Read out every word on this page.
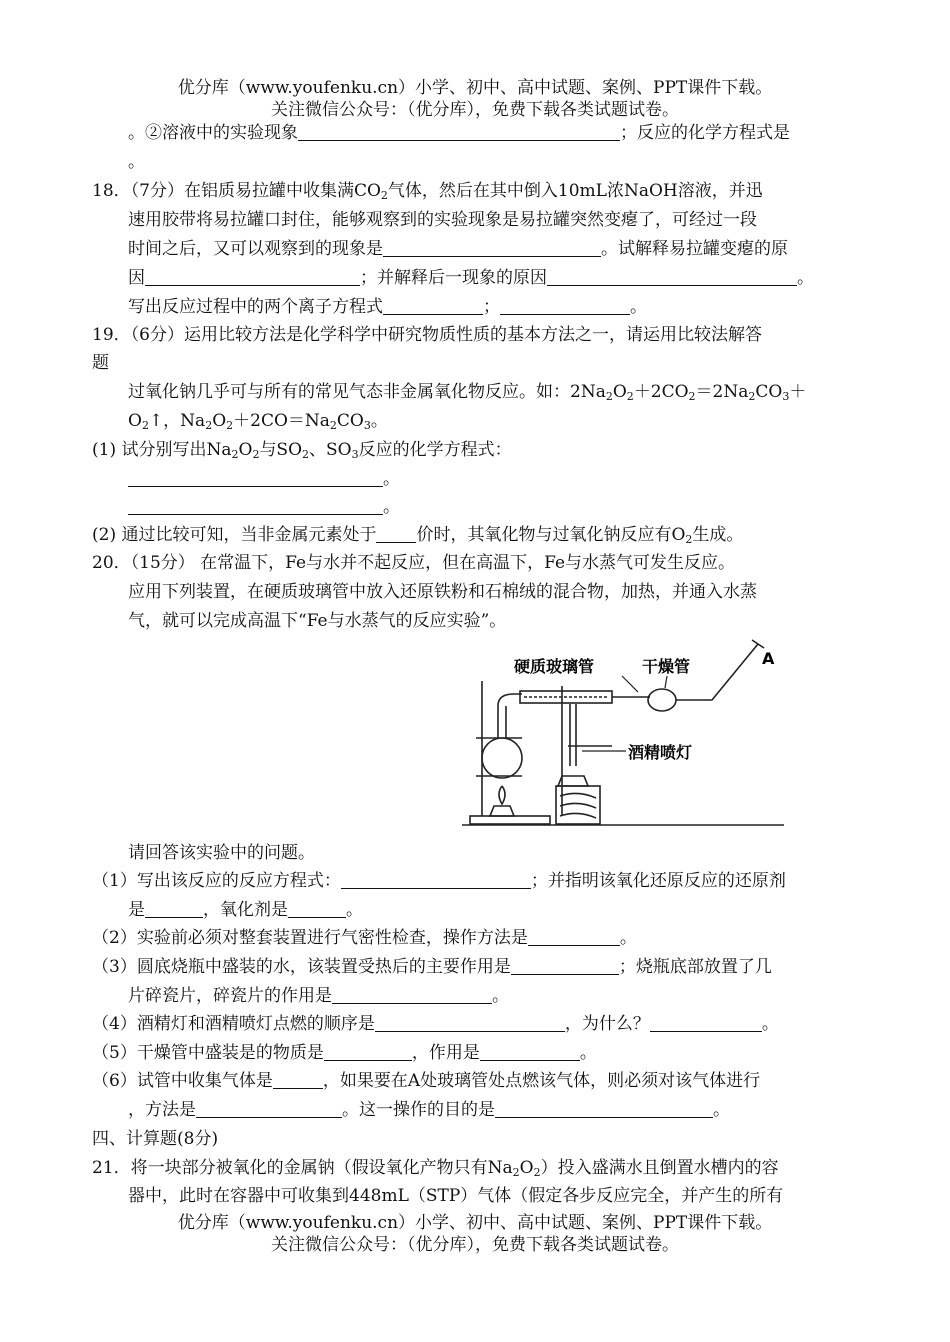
优分库（www.youfenku.cn）小学、初中、高中试题、案例、PPT课件下载。
关注微信公众号：（优分库），免费下载各类试题试卷。
。②溶液中的实验现象	；反应的化学方程式是
。
18．（7分）在铝质易拉罐中收集满$CO_2$气体，然后在其中倒入10mL浓NaOH溶液，并迅
速用胶带将易拉罐口封住，能够观察到的实验现象是易拉罐突然变瘪了，可经过一段
时间之后，又可以观察到的现象是	。试解释易拉罐变瘪的原
因	；并解释后一现象的原因	。
写出反应过程中的两个离子方程式	；	。
19．（6分）运用比较方法是化学科学中研究物质性质的基本方法之一，请运用比较法解答
题
过氧化钠几乎可与所有的常见气态非金属氧化物反应。如：$2Na_2O_2+2CO_2=2Na_2CO_3+$
$O_2↑$，$Na_2O_2+2CO=Na_2CO_3$。
(1) 试分别写出$Na_2O_2$与$SO_2$、$SO_3$反应的化学方程式：
。
。
(2) 通过比较可知，当非金属元素处于 价时，其氧化物与过氧化钠反应有$O_2$生成。
20．（15分） 在常温下，Fe与水并不起反应，但在高温下，Fe与水蒸气可发生反应。
应用下列装置，在硬质玻璃管中放入还原铁粉和石棉绒的混合物，加热，并通入水蒸
气，就可以完成高温下“Fe与水蒸气的反应实验”。
硬质玻璃管	干燥管
酒精喷灯
A
请回答该实验中的问题。
（1）写出该反应的反应方程式：	；并指明该氧化还原反应的还原剂
是	，氧化剂是	。
（2）实验前必须对整套装置进行气密性检查，操作方法是	。
（3）圆底烧瓶中盛装的水，该装置受热后的主要作用是	；烧瓶底部放置了几
片碎瓷片，碎瓷片的作用是	。
（4）酒精灯和酒精喷灯点燃的顺序是	，为什么？	。
（5）干燥管中盛装是的物质是	，作用是	。
（6）试管中收集气体是	，如果要在A处玻璃管处点燃该气体，则必须对该气体进行
，方法是	。这一操作的目的是	。
四、计算题(8分)
21．将一块部分被氧化的金属钠（假设氧化产物只有$Na_2O_2$）投入盛满水且倒置水槽内的容
器中，此时在容器中可收集到448mL（STP）气体（假定各步反应完全，并产生的所有
优分库（www.youfenku.cn）小学、初中、高中试题、案例、PPT课件下载。
关注微信公众号：（优分库），免费下载各类试题试卷。
